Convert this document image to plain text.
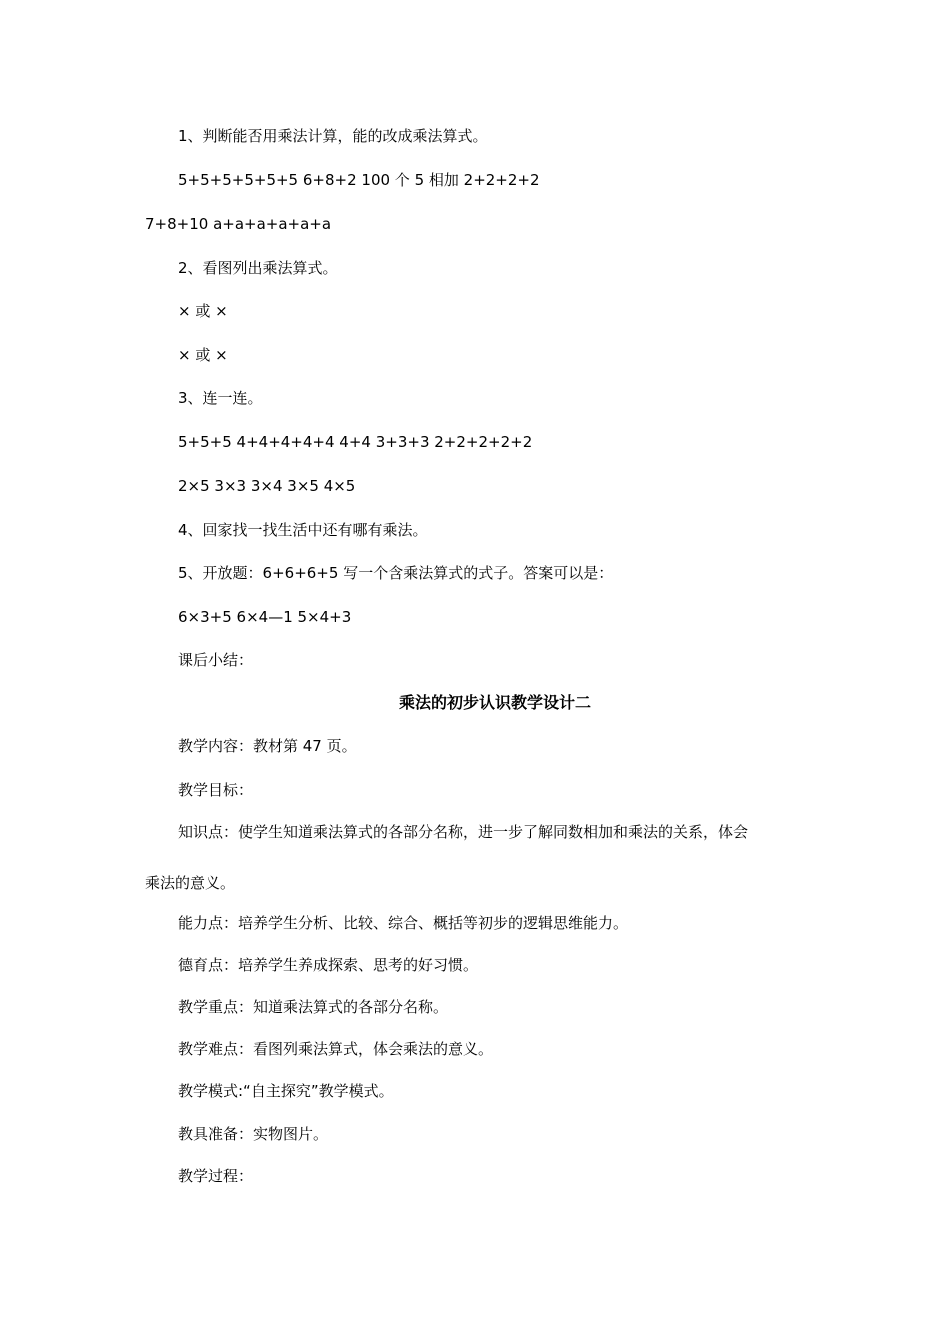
1、判断能否用乘法计算，能的改成乘法算式。

5+5+5+5+5+5 6+8+2 100 个 5 相加 2+2+2+2

7+8+10 a+a+a+a+a+a

2、看图列出乘法算式。

× 或 ×

× 或 ×

3、连一连。

5+5+5 4+4+4+4+4 4+4 3+3+3 2+2+2+2+2

2×5 3×3 3×4 3×5 4×5

4、回家找一找生活中还有哪有乘法。

5、开放题：6+6+6+5 写一个含乘法算式的式子。答案可以是：

6×3+5 6×4—1 5×4+3

课后小结：

乘法的初步认识教学设计二

教学内容：教材第 47 页。

教学目标：

知识点：使学生知道乘法算式的各部分名称，进一步了解同数相加和乘法的关系，体会

乘法的意义。

能力点：培养学生分析、比较、综合、概括等初步的逻辑思维能力。

德育点：培养学生养成探索、思考的好习惯。

教学重点：知道乘法算式的各部分名称。

教学难点：看图列乘法算式，体会乘法的意义。

教学模式:“自主探究”教学模式。

教具准备：实物图片。

教学过程：
